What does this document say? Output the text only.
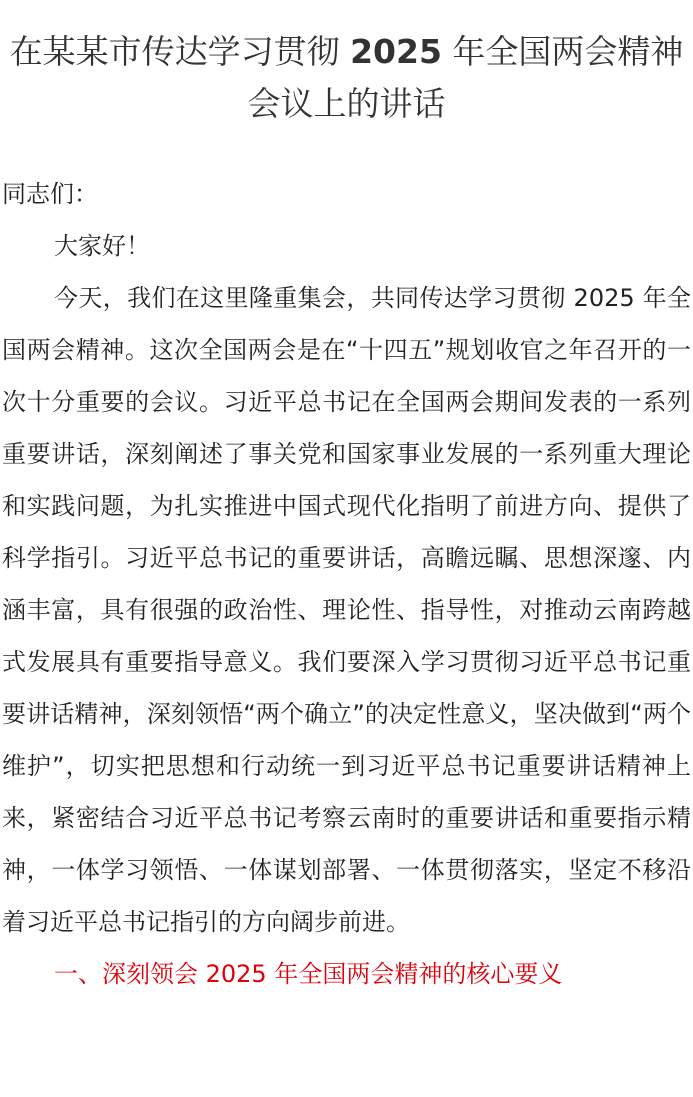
在某某市传达学习贯彻 2025 年全国两会精神会议上的讲话

同志们：

大家好！

今天，我们在这里隆重集会，共同传达学习贯彻 2025 年全国两会精神。这次全国两会是在“十四五”规划收官之年召开的一次十分重要的会议。习近平总书记在全国两会期间发表的一系列重要讲话，深刻阐述了事关党和国家事业发展的一系列重大理论和实践问题，为扎实推进中国式现代化指明了前进方向、提供了科学指引。习近平总书记的重要讲话，高瞻远瞩、思想深邃、内涵丰富，具有很强的政治性、理论性、指导性，对推动云南跨越式发展具有重要指导意义。我们要深入学习贯彻习近平总书记重要讲话精神，深刻领悟“两个确立”的决定性意义，坚决做到“两个维护”，切实把思想和行动统一到习近平总书记重要讲话精神上来，紧密结合习近平总书记考察云南时的重要讲话和重要指示精神，一体学习领悟、一体谋划部署、一体贯彻落实，坚定不移沿着习近平总书记指引的方向阔步前进。

一、深刻领会 2025 年全国两会精神的核心要义
